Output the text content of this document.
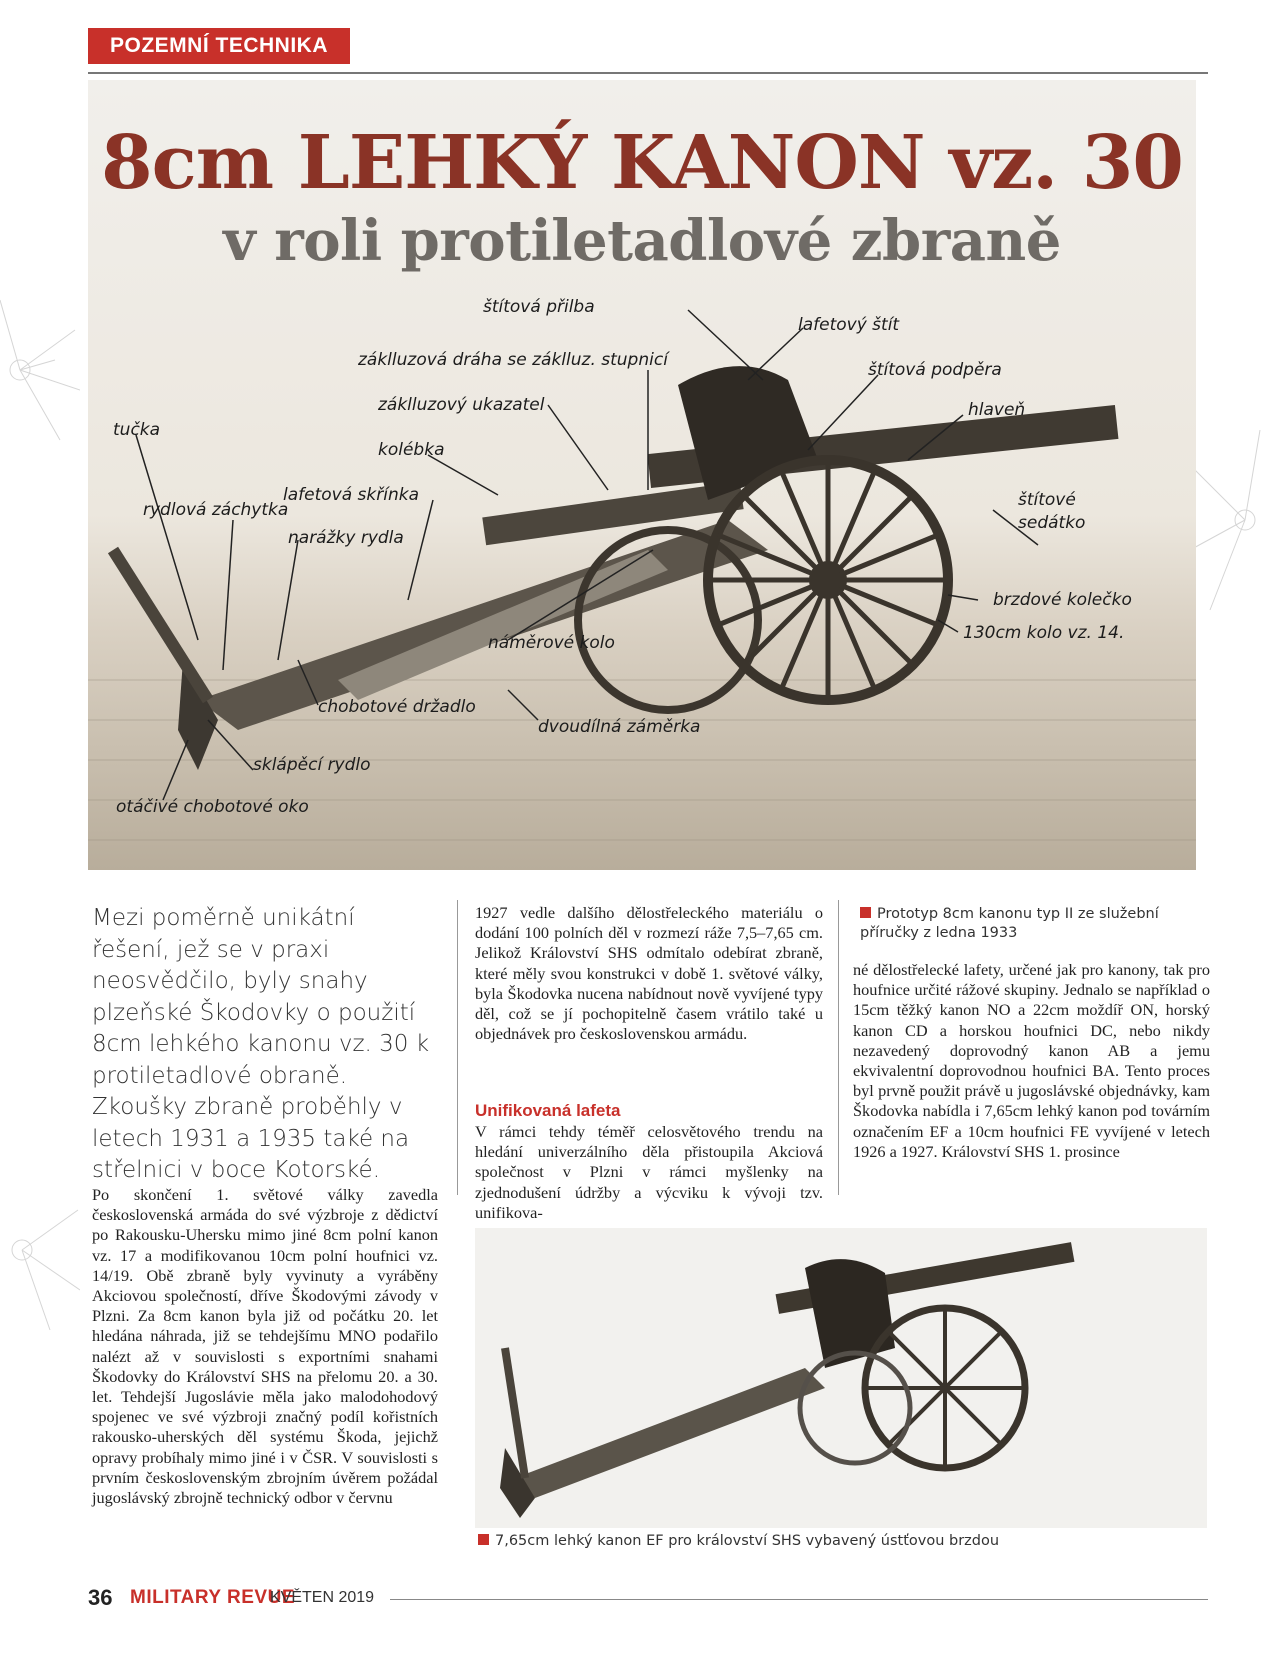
POZEMNÍ TECHNIKA
8cm LEHKÝ KANON vz. 30
v roli protiletadlové zbraně
štítová přilba
lafetový štít
záklluzová dráha se záklluz. stupnicí	štítová podpěra
záklluzový ukazatel	hlaveň
tučka
kolébka
lafetová skřínka
rydlová záchytka	štítové
sedátko
narážky rydla
brzdové kolečko
130cm kolo vz. 14.
náměrové kolo
chobotové držadlo
dvoudílná záměrka
sklápěcí rydlo
otáčivé chobotové oko
Mezi poměrně unikátní řešení, jež se v praxi neosvědčilo, byly snahy plzeňské Škodovky o použití 8cm lehkého kanonu vz. 30 k protiletadlové obraně. Zkoušky zbraně proběhly v letech 1931 a 1935 také na střelnici v boce Kotorské.
Po skončení 1. světové války zavedla československá armáda do své výzbroje z dědictví po Rakousku-Uhersku mimo jiné 8cm polní kanon vz. 17 a modifikovanou 10cm polní houfnici vz. 14/19. Obě zbraně byly vyvinuty a vyráběny Akciovou společností, dříve Škodovými závody v Plzni. Za 8cm kanon byla již od počátku 20. let hledána náhrada, již se tehdejšímu MNO podařilo nalézt až v souvislosti s exportními snahami Škodovky do Království SHS na přelomu 20. a 30. let. Tehdejší Jugoslávie měla jako malodohodový spojenec ve své výzbroji značný podíl kořistních rakousko-uherských děl systému Škoda, jejichž opravy probíhaly mimo jiné i v ČSR. V souvislosti s prvním československým zbrojním úvěrem požádal jugoslávský zbrojně technický odbor v červnu
1927 vedle dalšího dělostřeleckého materiálu o dodání 100 polních děl v rozmezí ráže 7,5–7,65 cm. Jelikož Království SHS odmítalo odebírat zbraně, které měly svou konstrukci v době 1. světové války, byla Škodovka nucena nabídnout nově vyvíjené typy děl, což se jí pochopitelně časem vrátilo také u objednávek pro československou armádu.
Unifikovaná lafeta
V rámci tehdy téměř celosvětového trendu na hledání univerzálního děla přistoupila Akciová společnost v Plzni v rámci myšlenky na zjednodušení údržby a výcviku k vývoji tzv. unifikova-
Prototyp 8cm kanonu typ II ze služební příručky z ledna 1933
né dělostřelecké lafety, určené jak pro kanony, tak pro houfnice určité rážové skupiny. Jednalo se například o 15cm těžký kanon NO a 22cm moždíř ON, horský kanon CD a horskou houfnici DC, nebo nikdy nezavedený doprovodný kanon AB a jemu ekvivalentní doprovodnou houfnici BA. Tento proces byl prvně použit právě u jugoslávské objednávky, kam Škodovka nabídla i 7,65cm lehký kanon pod továrním označením EF a 10cm houfnici FE vyvíjené v letech 1926 a 1927. Království SHS 1. prosince
7,65cm lehký kanon EF pro království SHS vybavený ústťovou brzdou
36 MILITARY REVUE
KVĚTEN 2019
